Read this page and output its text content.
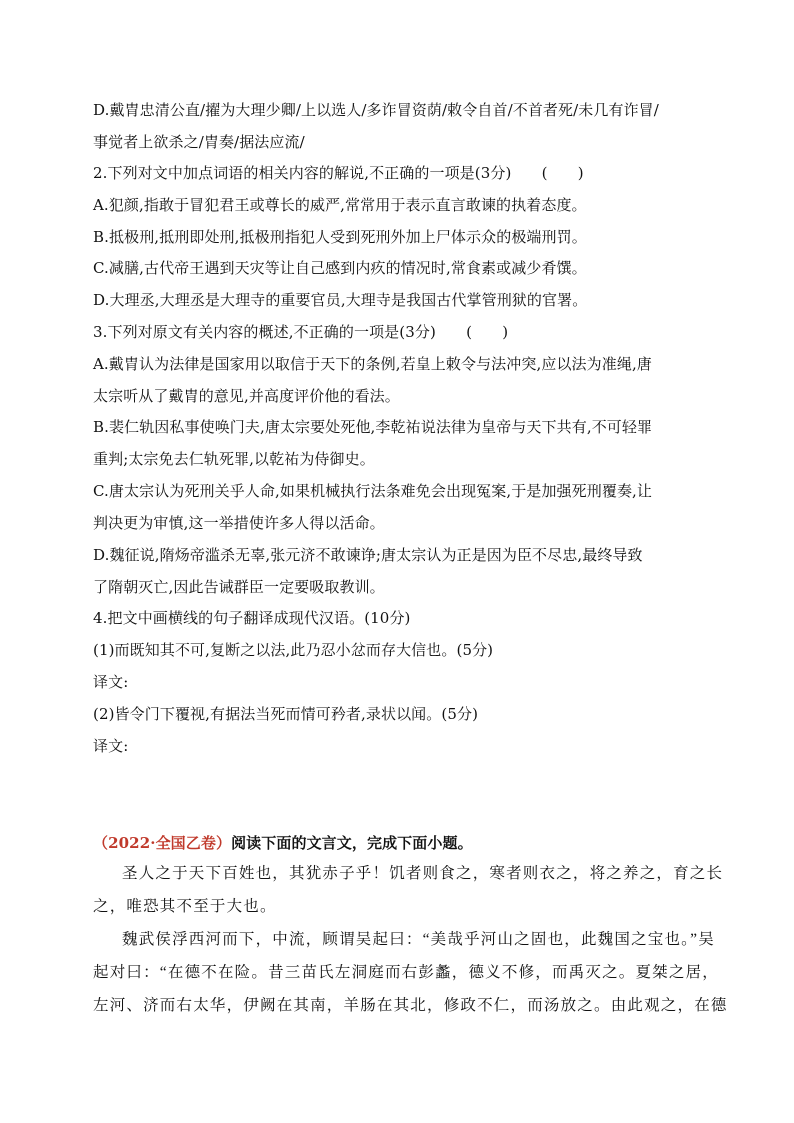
D.戴胄忠清公直/擢为大理少卿/上以选人/多诈冒资荫/敕令自首/不首者死/未几有诈冒/
事觉者上欲杀之/胄奏/据法应流/
2.下列对文中加点词语的相关内容的解说,不正确的一项是(3分)　　(　　)
A.犯颜,指敢于冒犯君王或尊长的威严,常常用于表示直言敢谏的执着态度。
B.抵极刑,抵刑即处刑,抵极刑指犯人受到死刑外加上尸体示众的极端刑罚。
C.减膳,古代帝王遇到天灾等让自己感到内疚的情况时,常食素或减少肴馔。
D.大理丞,大理丞是大理寺的重要官员,大理寺是我国古代掌管刑狱的官署。
3.下列对原文有关内容的概述,不正确的一项是(3分)　　(　　)
A.戴胄认为法律是国家用以取信于天下的条例,若皇上敕令与法冲突,应以法为准绳,唐
太宗听从了戴胄的意见,并高度评价他的看法。
B.裴仁轨因私事使唤门夫,唐太宗要处死他,李乾祐说法律为皇帝与天下共有,不可轻罪
重判;太宗免去仁轨死罪,以乾祐为侍御史。
C.唐太宗认为死刑关乎人命,如果机械执行法条难免会出现冤案,于是加强死刑覆奏,让
判决更为审慎,这一举措使许多人得以活命。
D.魏征说,隋炀帝滥杀无辜,张元济不敢谏诤;唐太宗认为正是因为臣不尽忠,最终导致
了隋朝灭亡,因此告诫群臣一定要吸取教训。
4.把文中画横线的句子翻译成现代汉语。(10分)
(1)而既知其不可,复断之以法,此乃忍小忿而存大信也。(5分)
译文:
(2)皆令门下覆视,有据法当死而情可矜者,录状以闻。(5分)
译文:
（2022·全国乙卷）阅读下面的文言文，完成下面小题。
圣人之于天下百姓也，其犹赤子乎！饥者则食之，寒者则衣之，将之养之，育之长
之，唯恐其不至于大也。
魏武侯浮西河而下，中流，顾谓吴起曰：“美哉乎河山之固也，此魏国之宝也。”吴
起对曰：“在德不在险。昔三苗氏左洞庭而右彭蠡，德义不修，而禹灭之。夏桀之居，
左河、济而右太华，伊阙在其南，羊肠在其北，修政不仁，而汤放之。由此观之，在德
